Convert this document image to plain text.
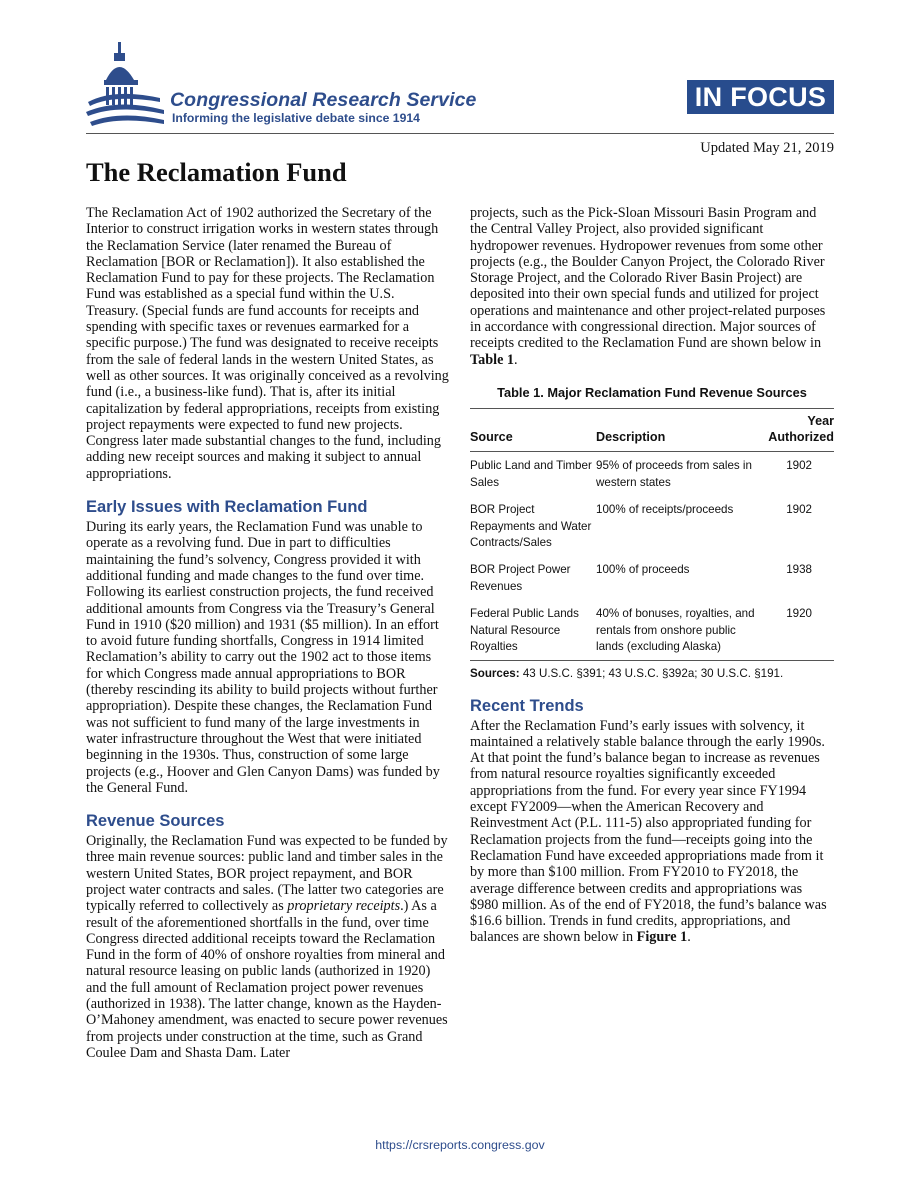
Congressional Research Service
Informing the legislative debate since 1914
IN FOCUS
Updated May 21, 2019
The Reclamation Fund

The Reclamation Act of 1902 authorized the Secretary of the Interior to construct irrigation works in western states through the Reclamation Service (later renamed the Bureau of Reclamation [BOR or Reclamation]). It also established the Reclamation Fund to pay for these projects. The Reclamation Fund was established as a special fund within the U.S. Treasury. (Special funds are fund accounts for receipts and spending with specific taxes or revenues earmarked for a specific purpose.) The fund was designated to receive receipts from the sale of federal lands in the western United States, as well as other sources. It was originally conceived as a revolving fund (i.e., a business-like fund). That is, after its initial capitalization by federal appropriations, receipts from existing project repayments were expected to fund new projects. Congress later made substantial changes to the fund, including adding new receipt sources and making it subject to annual appropriations.

Early Issues with Reclamation Fund

During its early years, the Reclamation Fund was unable to operate as a revolving fund. Due in part to difficulties maintaining the fund’s solvency, Congress provided it with additional funding and made changes to the fund over time. Following its earliest construction projects, the fund received additional amounts from Congress via the Treasury’s General Fund in 1910 ($20 million) and 1931 ($5 million). In an effort to avoid future funding shortfalls, Congress in 1914 limited Reclamation’s ability to carry out the 1902 act to those items for which Congress made annual appropriations to BOR (thereby rescinding its ability to build projects without further appropriation). Despite these changes, the Reclamation Fund was not sufficient to fund many of the large investments in water infrastructure throughout the West that were initiated beginning in the 1930s. Thus, construction of some large projects (e.g., Hoover and Glen Canyon Dams) was funded by the General Fund.

Revenue Sources

Originally, the Reclamation Fund was expected to be funded by three main revenue sources: public land and timber sales in the western United States, BOR project repayment, and BOR project water contracts and sales. (The latter two categories are typically referred to collectively as proprietary receipts.) As a result of the aforementioned shortfalls in the fund, over time Congress directed additional receipts toward the Reclamation Fund in the form of 40% of onshore royalties from mineral and natural resource leasing on public lands (authorized in 1920) and the full amount of Reclamation project power revenues (authorized in 1938). The latter change, known as the Hayden-O’Mahoney amendment, was enacted to secure power revenues from projects under construction at the time, such as Grand Coulee Dam and Shasta Dam. Later

projects, such as the Pick-Sloan Missouri Basin Program and the Central Valley Project, also provided significant hydropower revenues. Hydropower revenues from some other projects (e.g., the Boulder Canyon Project, the Colorado River Storage Project, and the Colorado River Basin Project) are deposited into their own special funds and utilized for project operations and maintenance and other project-related purposes in accordance with congressional direction. Major sources of receipts credited to the Reclamation Fund are shown below in Table 1.

Table 1. Major Reclamation Fund Revenue Sources
Source	Description	Year Authorized
Public Land and Timber Sales	95% of proceeds from sales in western states	1902
BOR Project Repayments and Water Contracts/Sales	100% of receipts/proceeds	1902
BOR Project Power Revenues	100% of proceeds	1938
Federal Public Lands Natural Resource Royalties	40% of bonuses, royalties, and rentals from onshore public lands (excluding Alaska)	1920
Sources: 43 U.S.C. §391; 43 U.S.C. §392a; 30 U.S.C. §191.
Recent Trends

After the Reclamation Fund’s early issues with solvency, it maintained a relatively stable balance through the early 1990s. At that point the fund’s balance began to increase as revenues from natural resource royalties significantly exceeded appropriations from the fund. For every year since FY1994 except FY2009—when the American Recovery and Reinvestment Act (P.L. 111-5) also appropriated funding for Reclamation projects from the fund—receipts going into the Reclamation Fund have exceeded appropriations made from it by more than $100 million. From FY2010 to FY2018, the average difference between credits and appropriations was $980 million. As of the end of FY2018, the fund’s balance was $16.6 billion. Trends in fund credits, appropriations, and balances are shown below in Figure 1.

https://crsreports.congress.gov
